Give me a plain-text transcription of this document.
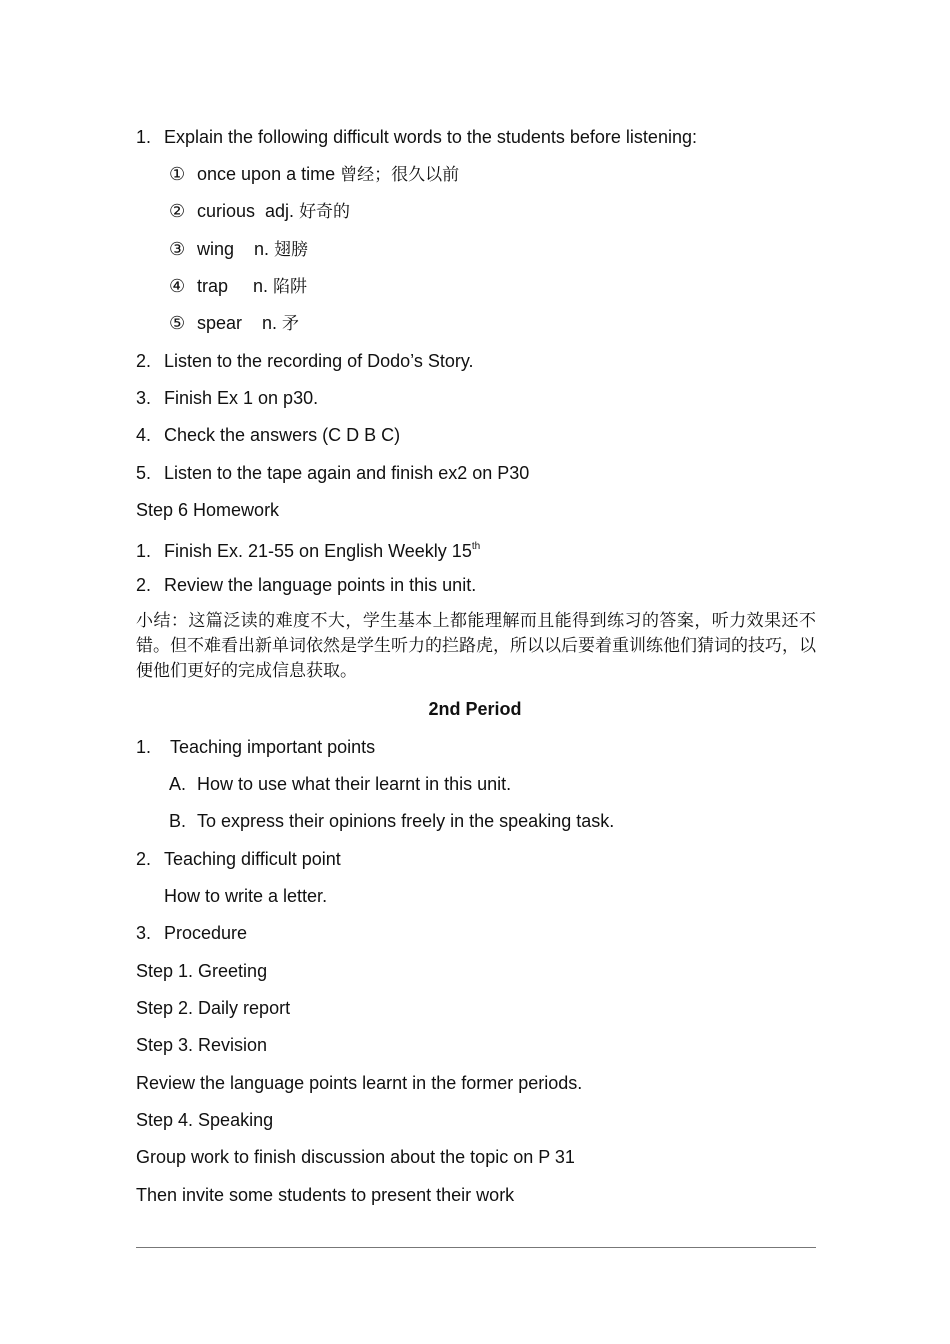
1. Explain the following difficult words to the students before listening:
① once upon a time 曾经；很久以前
② curious  adj. 好奇的
③ wing    n. 翅膀
④ trap     n. 陷阱
⑤ spear    n. 矛
2. Listen to the recording of Dodo’s Story.
3. Finish Ex 1 on p30.
4. Check the answers (C D B C)
5. Listen to the tape again and finish ex2 on P30
Step 6 Homework
1. Finish Ex. 21-55 on English Weekly 15th
2. Review the language points in this unit.
小结：这篇泛读的难度不大，学生基本上都能理解而且能得到练习的答案，听力效果还不错。但不难看出新单词依然是学生听力的拦路虎，所以以后要着重训练他们猜词的技巧，以便他们更好的完成信息获取。
2nd Period
1. Teaching important points
A. How to use what their learnt in this unit.
B. To express their opinions freely in the speaking task.
2. Teaching difficult point
How to write a letter.
3. Procedure
Step 1. Greeting
Step 2. Daily report
Step 3. Revision
Review the language points learnt in the former periods.
Step 4. Speaking
Group work to finish discussion about the topic on P 31
Then invite some students to present their work
